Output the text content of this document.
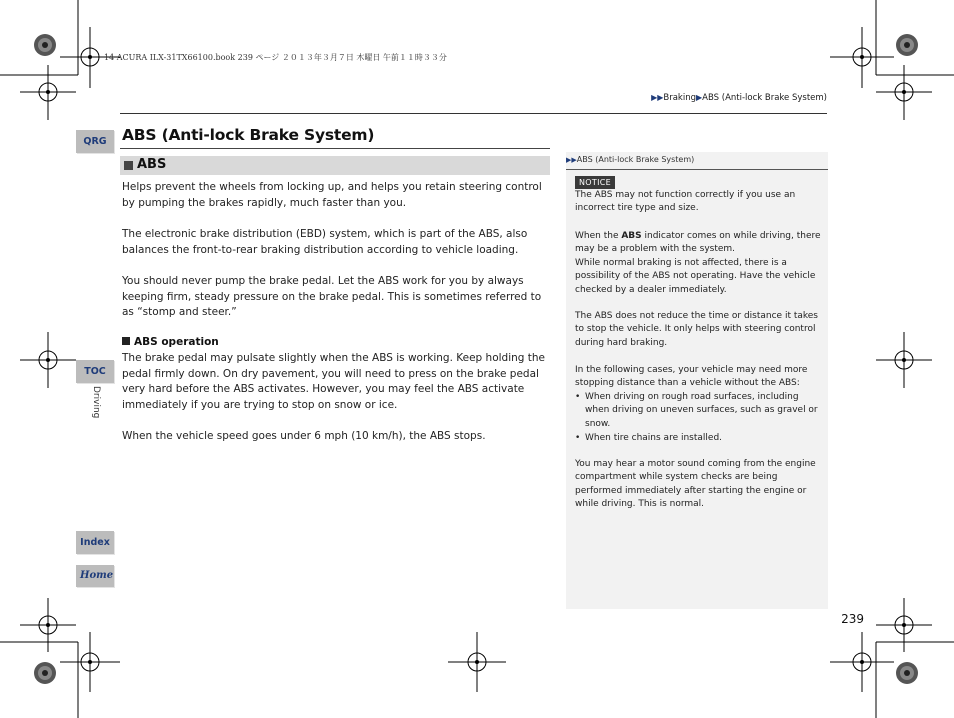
14 ACURA ILX-31TX66100.book 239 ページ ２０１３年３月７日 木曜日 午前１１時３３分
▶▶Braking▶ABS (Anti-lock Brake System)
ABS (Anti-lock Brake System)
ABS
Helps prevent the wheels from locking up, and helps you retain steering control by pumping the brakes rapidly, much faster than you.
The electronic brake distribution (EBD) system, which is part of the ABS, also balances the front-to-rear braking distribution according to vehicle loading.
You should never pump the brake pedal. Let the ABS work for you by always keeping firm, steady pressure on the brake pedal. This is sometimes referred to as “stomp and steer.”
ABS operation
The brake pedal may pulsate slightly when the ABS is working. Keep holding the pedal firmly down. On dry pavement, you will need to press on the brake pedal very hard before the ABS activates. However, you may feel the ABS activate immediately if you are trying to stop on snow or ice.
When the vehicle speed goes under 6 mph (10 km/h), the ABS stops.
▶▶ABS (Anti-lock Brake System)
NOTICE
The ABS may not function correctly if you use an incorrect tire type and size.
When the ABS indicator comes on while driving, there may be a problem with the system.
While normal braking is not affected, there is a possibility of the ABS not operating. Have the vehicle checked by a dealer immediately.
The ABS does not reduce the time or distance it takes to stop the vehicle. It only helps with steering control during hard braking.
In the following cases, your vehicle may need more stopping distance than a vehicle without the ABS:
• When driving on rough road surfaces, including when driving on uneven surfaces, such as gravel or snow.
• When tire chains are installed.
You may hear a motor sound coming from the engine compartment while system checks are being performed immediately after starting the engine or while driving. This is normal.
QRG
TOC
Index
Home
Driving
239
